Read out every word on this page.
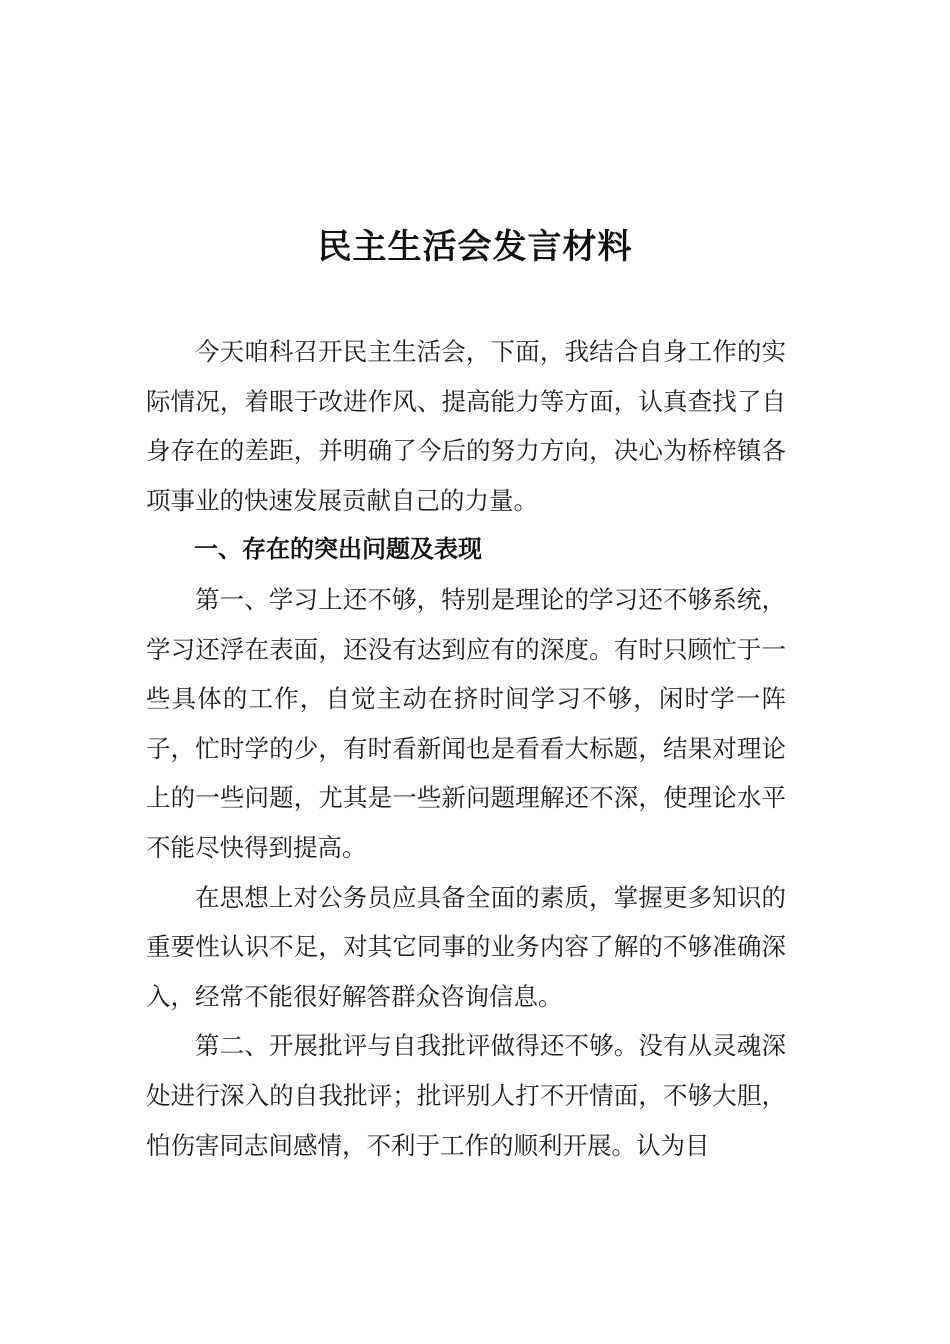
民主生活会发言材料

今天咱科召开民主生活会，下面，我结合自身工作的实际情况，着眼于改进作风、提高能力等方面，认真查找了自身存在的差距，并明确了今后的努力方向，决心为桥梓镇各项事业的快速发展贡献自己的力量。

一、存在的突出问题及表现

第一、学习上还不够，特别是理论的学习还不够系统，学习还浮在表面，还没有达到应有的深度。有时只顾忙于一些具体的工作，自觉主动在挤时间学习不够，闲时学一阵子，忙时学的少，有时看新闻也是看看大标题，结果对理论上的一些问题，尤其是一些新问题理解还不深，使理论水平不能尽快得到提高。

在思想上对公务员应具备全面的素质，掌握更多知识的重要性认识不足，对其它同事的业务内容了解的不够准确深入，经常不能很好解答群众咨询信息。

第二、开展批评与自我批评做得还不够。没有从灵魂深处进行深入的自我批评；批评别人打不开情面，不够大胆，怕伤害同志间感情，不利于工作的顺利开展。认为目
